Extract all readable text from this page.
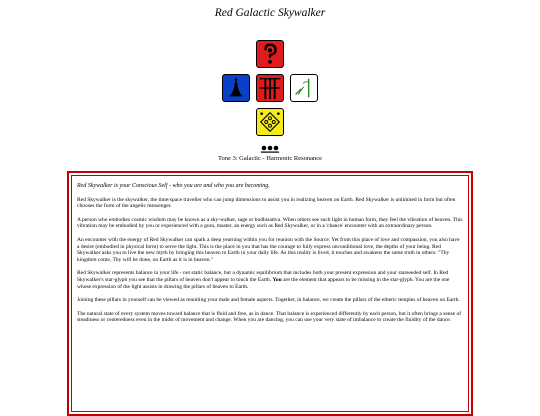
Red Galactic Skywalker
Tone 3: Galactic - Harmonic Resonance

Red Skywalker is your Conscious Self - who you are and who you are becoming.

Red Skywalker is the skywalker, the time/space traveller who can jump dimensions to assist you in realizing heaven on Earth. Red Skywalker is unlimited in form but often chooses the form of the angelic messenger.

A person who embodies cosmic wisdom may be known as a sky-walker, sage or bodhisattva. When others see such light in human form, they feel the vibration of heaven. This vibration may be embodied by you or experienced with a guru, master, an energy such as Red Skywalker, or in a 'chance' encounter with an extraordinary person.

An encounter with the energy of Red Skywalker can spark a deep yearning within you for reunion with the Source. Yet from this place of love and compassion, you also have a desire (embodied in physical form) to serve the light. This is the place in you that has the courage to fully express unconditional love, the depths of your being. Red Skywalker asks you to live the new myth by bringing this heaven to Earth in your daily life. As this reality is lived, it touches and awakens the same truth in others: "Thy kingdom come, Thy will be done, on Earth as it is in heaven."

Red Skywalker represents balance in your life - not static balance, but a dynamic equilibrium that includes both your present expression and your starseeded self. In Red Skywalker's star-glyph you see that the pillars of heaven don't appear to touch the Earth. You are the element that appears to be missing in the star-glyph. You are the one whose expression of the light assists in drawing the pillars of heaven to Earth.

Joining these pillars in yourself can be viewed as reuniting your male and female aspects. Together, in balance, we create the pillars of the etheric temples of heaven on Earth.

The natural state of every system moves toward balance that is fluid and free, as in dance. That balance is experienced differently by each person, but it often brings a sense of steadiness or centeredness even in the midst of movement and change. When you are dancing, you can use your very state of imbalance to create the fluidity of the dance.
